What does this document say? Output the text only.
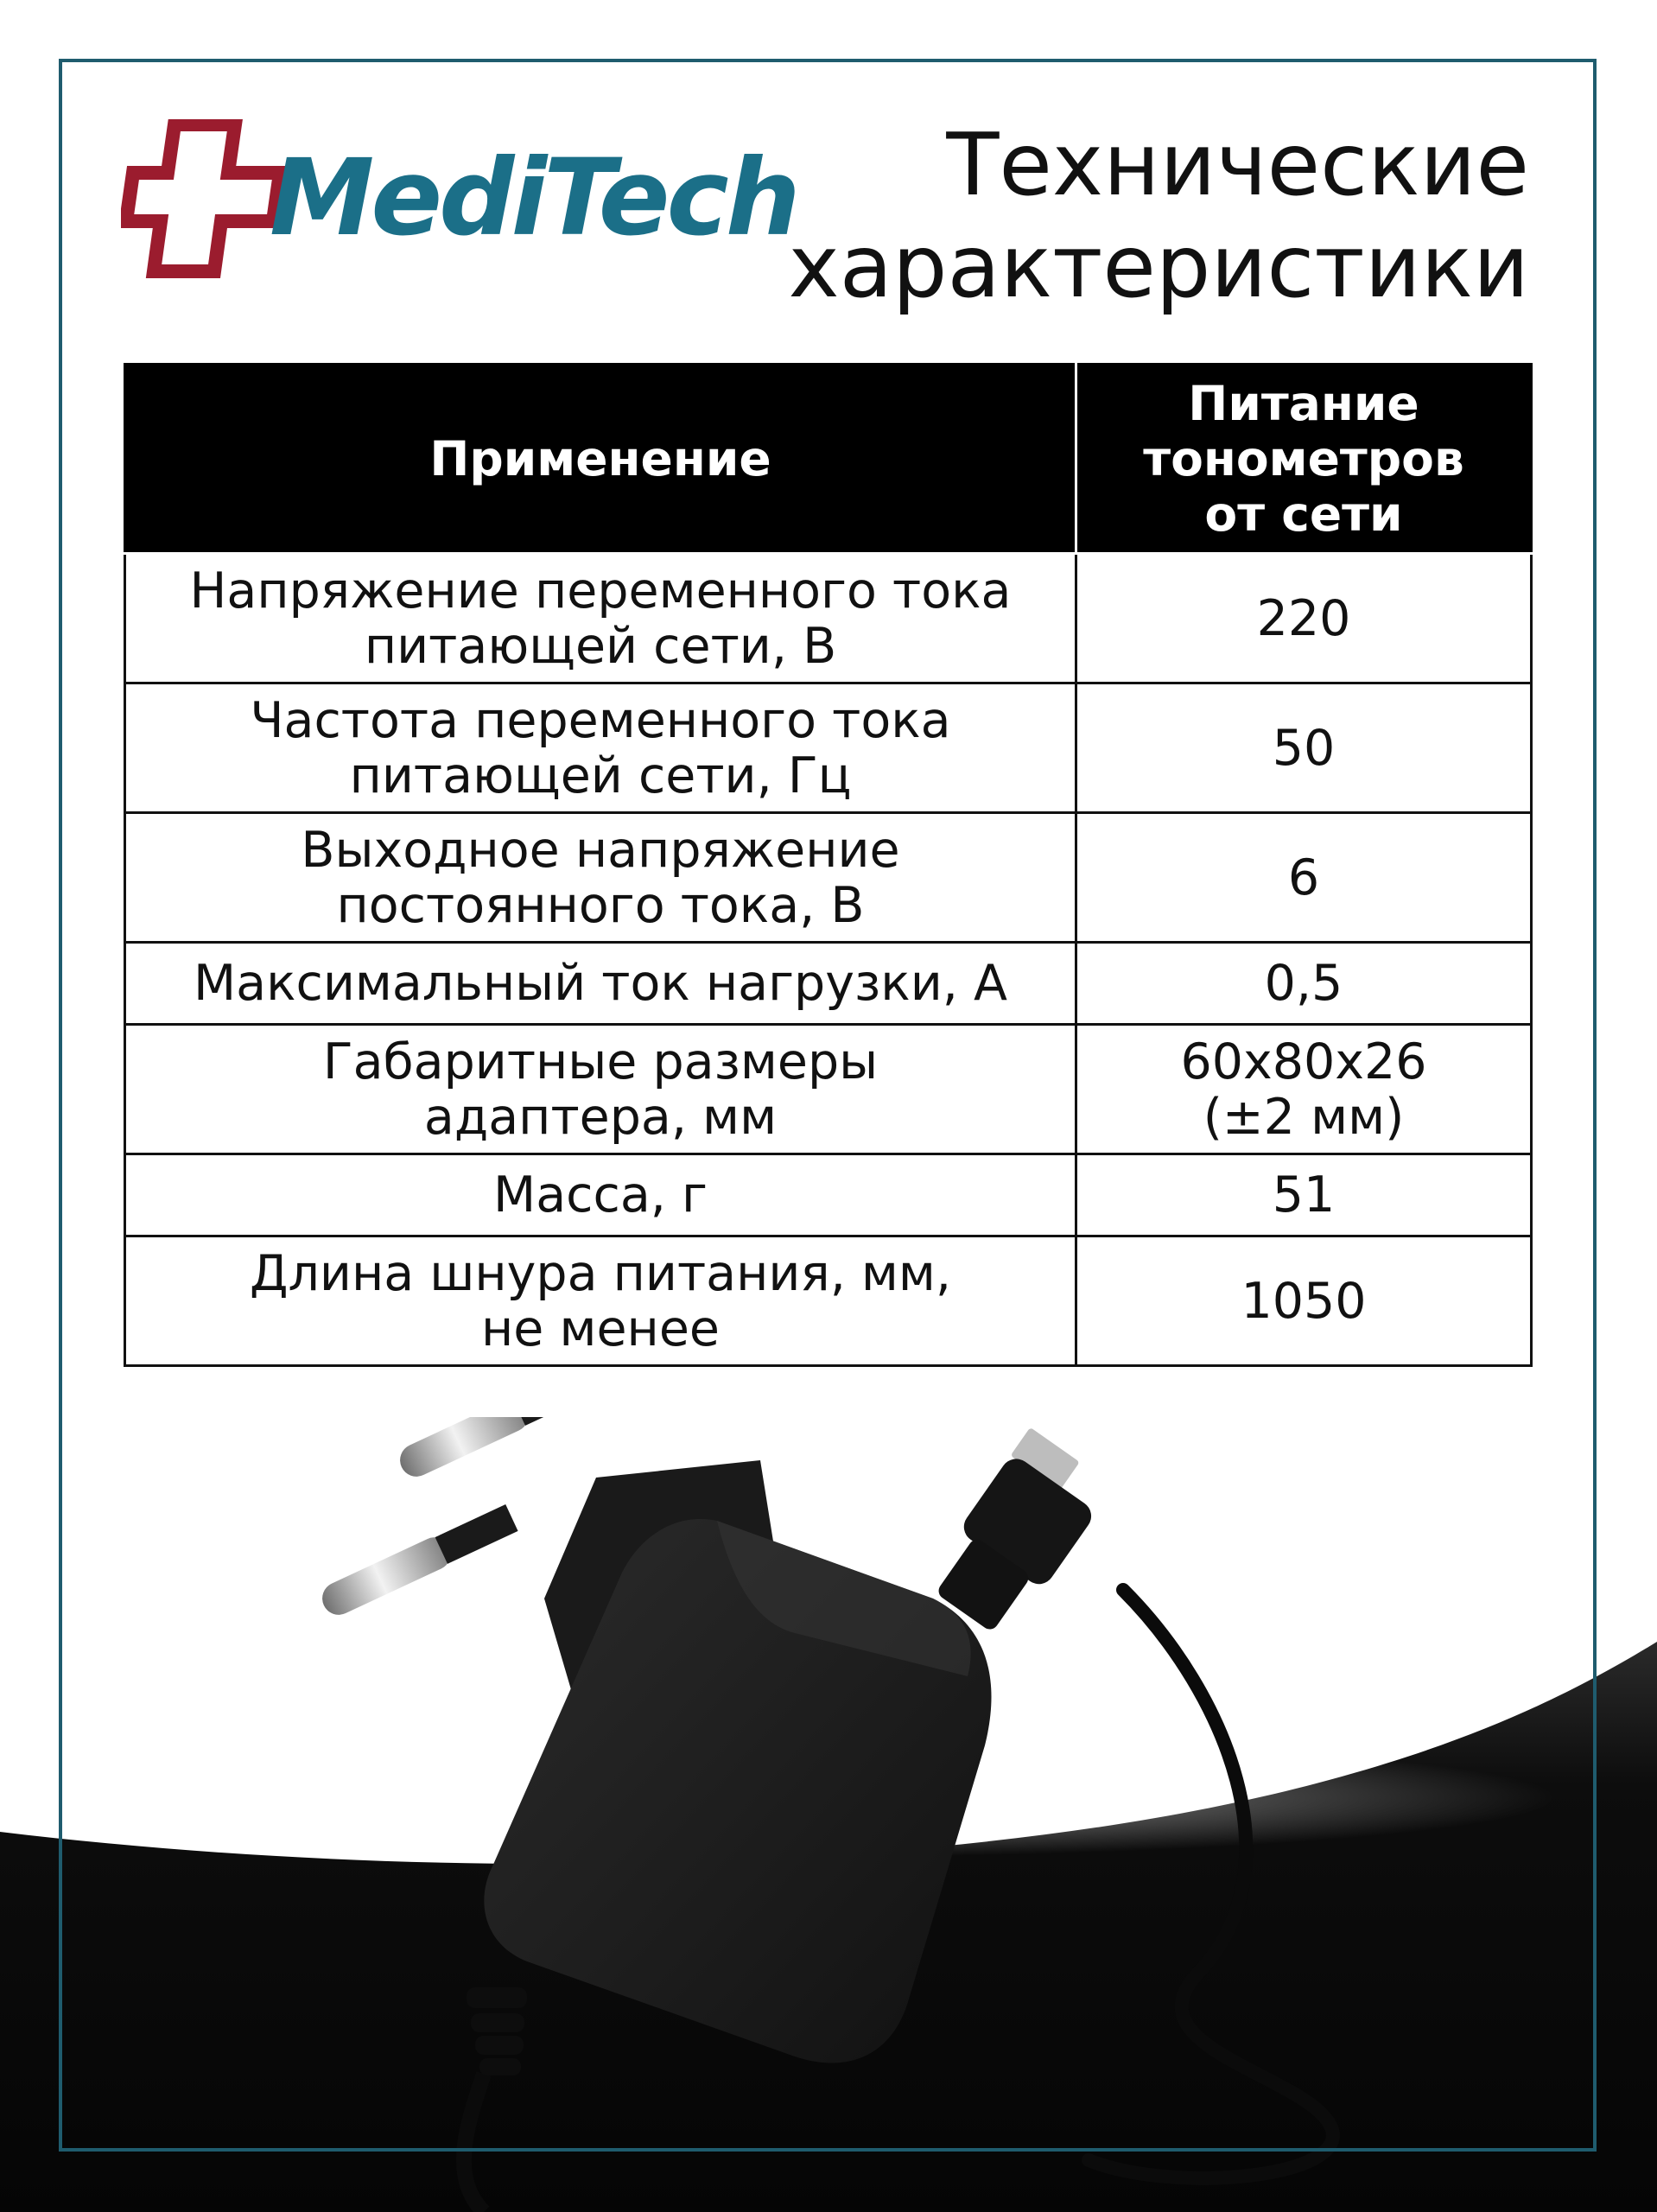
MediTech	Технические
характеристики
Применение	Питание
тонометров
от сети

Напряжение переменного тока
питающей сети, В	220
Частота переменного тока
питающей сети, Гц	50
Выходное напряжение
постоянного тока, В	6
Максимальный ток нагрузки, А	0,5
Габаритные размеры
адаптера, мм	60х80х26
(±2 мм)
Масса, г	51
Длина шнура питания, мм,
не менее	1050
